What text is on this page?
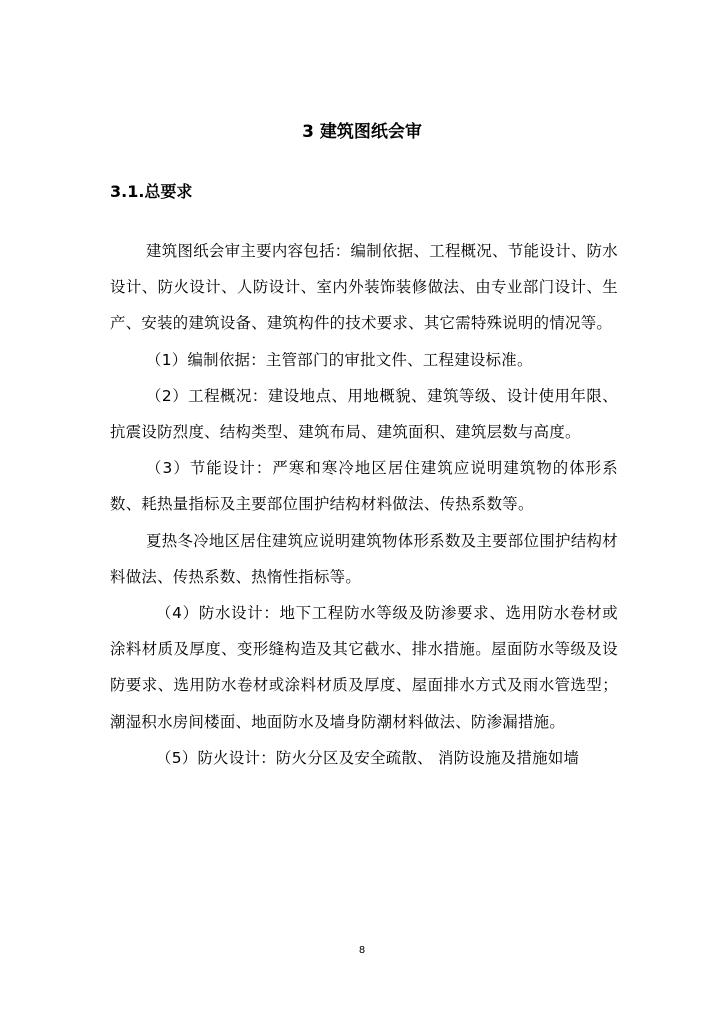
3 建筑图纸会审
3.1.总要求

建筑图纸会审主要内容包括：编制依据、工程概况、节能设计、防水设计、防火设计、人防设计、室内外装饰装修做法、由专业部门设计、生产、安装的建筑设备、建筑构件的技术要求、其它需特殊说明的情况等。

（1）编制依据：主管部门的审批文件、工程建设标准。

（2）工程概况：建设地点、用地概貌、建筑等级、设计使用年限、抗震设防烈度、结构类型、建筑布局、建筑面积、建筑层数与高度。

（3）节能设计：严寒和寒冷地区居住建筑应说明建筑物的体形系数、耗热量指标及主要部位围护结构材料做法、传热系数等。

夏热冬冷地区居住建筑应说明建筑物体形系数及主要部位围护结构材料做法、传热系数、热惰性指标等。

（4）防水设计：地下工程防水等级及防渗要求、选用防水卷材或涂料材质及厚度、变形缝构造及其它截水、排水措施。屋面防水等级及设防要求、选用防水卷材或涂料材质及厚度、屋面排水方式及雨水管选型； 潮湿积水房间楼面、地面防水及墙身防潮材料做法、防渗漏措施。

（5）防火设计：防火分区及安全疏散、 消防设施及措施如墙

8
